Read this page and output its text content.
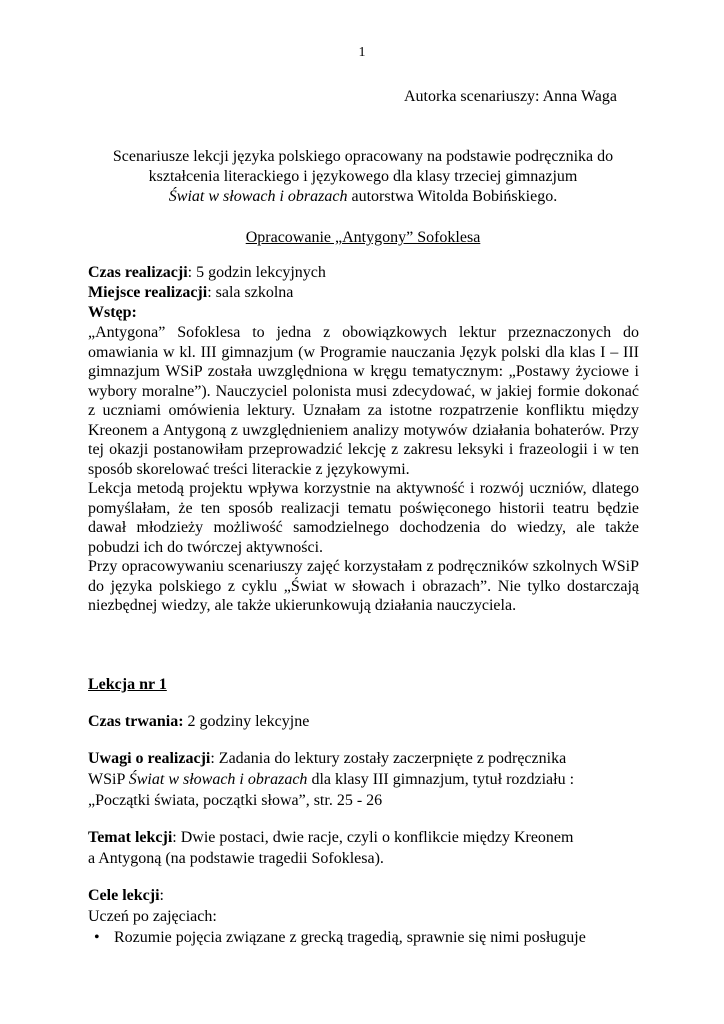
1
Autorka scenariuszy: Anna Waga
Scenariusze lekcji języka polskiego opracowany na podstawie podręcznika do
kształcenia literackiego i językowego dla klasy trzeciej gimnazjum
Świat w słowach i obrazach autorstwa Witolda Bobińskiego.
Opracowanie „Antygony” Sofoklesa

Czas realizacji: 5 godzin lekcyjnych

Miejsce realizacji: sala szkolna

Wstęp:

„Antygona” Sofoklesa to jedna z obowiązkowych lektur przeznaczonych do omawiania w kl. III gimnazjum (w Programie nauczania Język polski dla klas I – III gimnazjum WSiP została uwzględniona w kręgu tematycznym: „Postawy życiowe i wybory moralne”). Nauczyciel polonista musi zdecydować, w jakiej formie dokonać z uczniami omówienia lektury. Uznałam za istotne rozpatrzenie konfliktu między Kreonem a Antygoną z uwzględnieniem analizy motywów działania bohaterów. Przy tej okazji postanowiłam przeprowadzić lekcję z zakresu leksyki i frazeologii i w ten sposób skorelować treści literackie z językowymi.

Lekcja metodą projektu wpływa korzystnie na aktywność i rozwój uczniów, dlatego pomyślałam, że ten sposób realizacji tematu poświęconego historii teatru będzie dawał młodzieży możliwość samodzielnego dochodzenia do wiedzy, ale także pobudzi ich do twórczej aktywności.

Przy opracowywaniu scenariuszy zajęć korzystałam z podręczników szkolnych WSiP do języka polskiego z cyklu „Świat w słowach i obrazach”. Nie tylko dostarczają niezbędnej wiedzy, ale także ukierunkowują działania nauczyciela.

Lekcja nr 1

Czas trwania: 2 godziny lekcyjne

Uwagi o realizacji: Zadania do lektury zostały zaczerpnięte z podręcznika

WSiP Świat w słowach i obrazach dla klasy III gimnazjum, tytuł rozdziału :

„Początki świata, początki słowa”, str. 25 - 26

Temat lekcji: Dwie postaci, dwie racje, czyli o konflikcie między Kreonem

a Antygoną (na podstawie tragedii Sofoklesa).

Cele lekcji:

Uczeń po zajęciach:

• Rozumie pojęcia związane z grecką tragedią, sprawnie się nimi posługuje
